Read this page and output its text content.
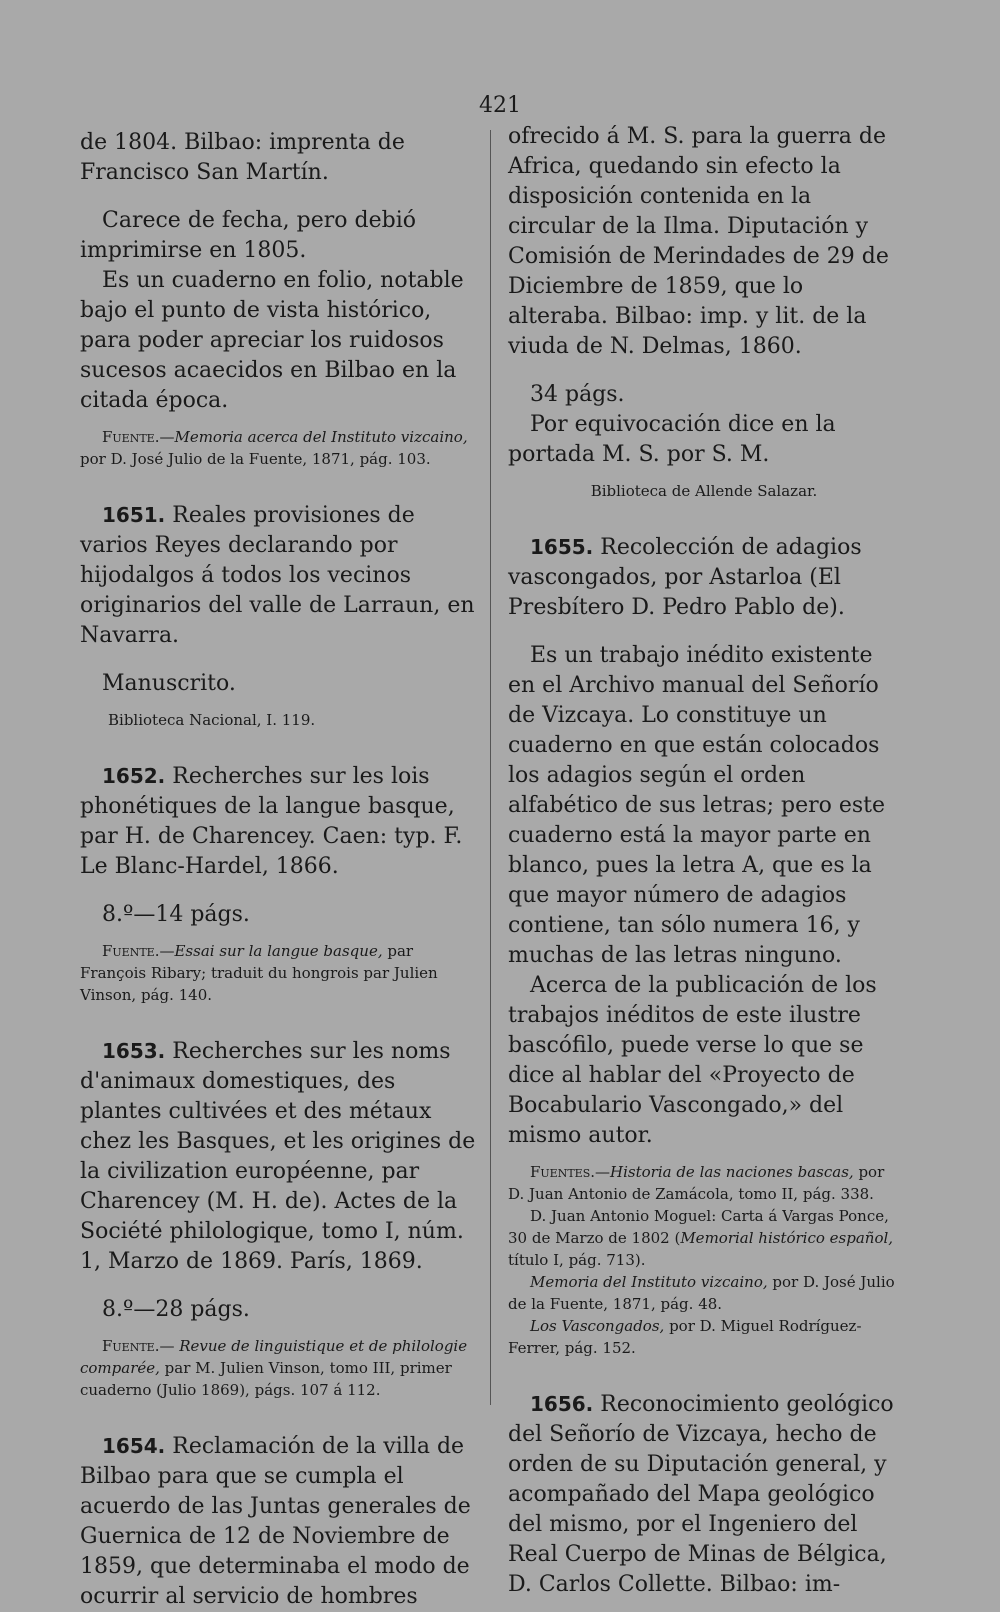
421

de 1804. Bilbao: imprenta de Francisco San Martín.

Carece de fecha, pero debió imprimirse en 1805.

Es un cuaderno en folio, notable bajo el punto de vista histórico, para poder apreciar los ruidosos sucesos acaecidos en Bilbao en la citada época.

Fuente.—Memoria acerca del Instituto vizcaino, por D. José Julio de la Fuente, 1871, pág. 103.

1651. Reales provisiones de varios Reyes declarando por hijodalgos á todos los vecinos originarios del valle de Larraun, en Navarra.

Manuscrito.

Biblioteca Nacional, I. 119.

1652. Recherches sur les lois phonétiques de la langue basque, par H. de Charencey. Caen: typ. F. Le Blanc-Hardel, 1866.

8.º—14 págs.

Fuente.—Essai sur la langue basque, par François Ribary; traduit du hongrois par Julien Vinson, pág. 140.

1653. Recherches sur les noms d'animaux domestiques, des plantes cultivées et des métaux chez les Basques, et les origines de la civilization européenne, par Charencey (M. H. de). Actes de la Société philologique, tomo I, núm. 1, Marzo de 1869. París, 1869.

8.º—28 págs.

Fuente.— Revue de linguistique et de philologie comparée, par M. Julien Vinson, tomo III, primer cuaderno (Julio 1869), págs. 107 á 112.

1654. Reclamación de la villa de Bilbao para que se cumpla el acuerdo de las Juntas generales de Guernica de 12 de Noviembre de 1859, que determinaba el modo de ocurrir al servicio de hombres

ofrecido á M. S. para la guerra de Africa, quedando sin efecto la disposición contenida en la circular de la Ilma. Diputación y Comisión de Merindades de 29 de Diciembre de 1859, que lo alteraba. Bilbao: imp. y lit. de la viuda de N. Delmas, 1860.

34 págs.

Por equivocación dice en la portada M. S. por S. M.

Biblioteca de Allende Salazar.

1655. Recolección de adagios vascongados, por Astarloa (El Presbítero D. Pedro Pablo de).

Es un trabajo inédito existente en el Archivo manual del Señorío de Vizcaya. Lo constituye un cuaderno en que están colocados los adagios según el orden alfabético de sus letras; pero este cuaderno está la mayor parte en blanco, pues la letra A, que es la que mayor número de adagios contiene, tan sólo numera 16, y muchas de las letras ninguno.

Acerca de la publicación de los trabajos inéditos de este ilustre bascófilo, puede verse lo que se dice al hablar del «Proyecto de Bocabulario Vascongado,» del mismo autor.

Fuentes.—Historia de las naciones bascas, por D. Juan Antonio de Zamácola, tomo II, pág. 338.

D. Juan Antonio Moguel: Carta á Vargas Ponce, 30 de Marzo de 1802 (Memorial histórico español, título I, pág. 713).

Memoria del Instituto vizcaino, por D. José Julio de la Fuente, 1871, pág. 48.

Los Vascongados, por D. Miguel Rodríguez-Ferrer, pág. 152.

1656. Reconocimiento geológico del Señorío de Vizcaya, hecho de orden de su Diputación general, y acompañado del Mapa geológico del mismo, por el Ingeniero del Real Cuerpo de Minas de Bélgica, D. Carlos Collette. Bilbao: im-
